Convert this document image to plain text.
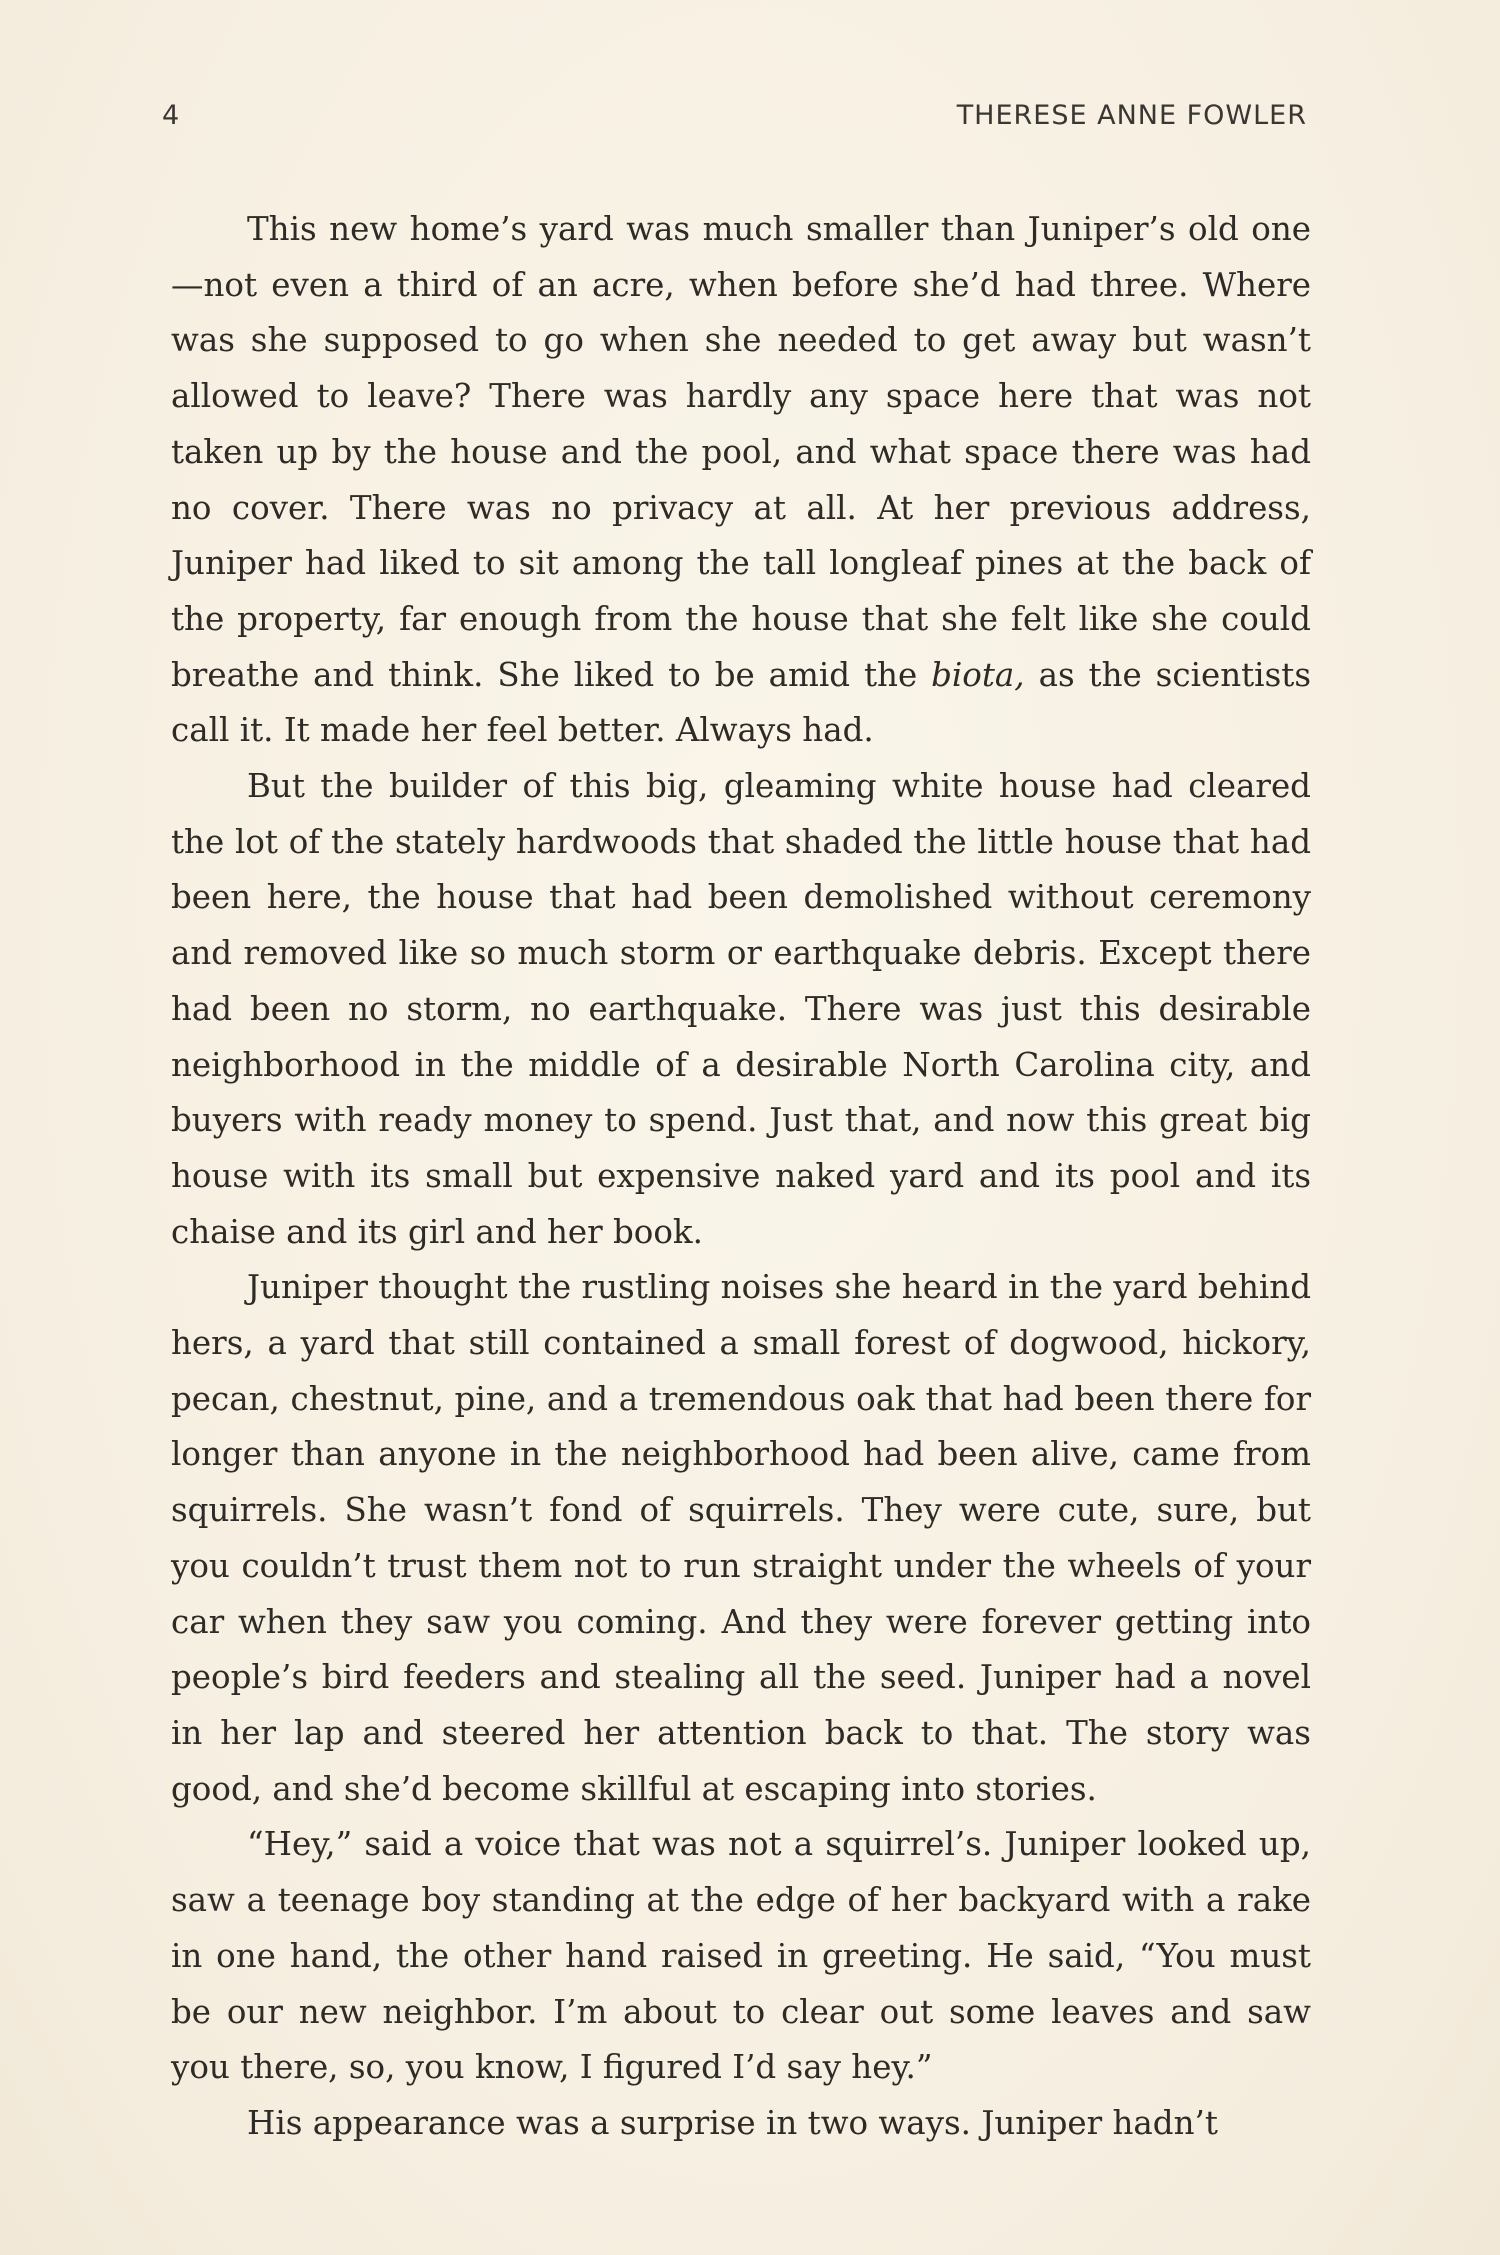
4	THERESE ANNE FOWLER

This new home’s yard was much smaller than Juniper’s old one—not even a third of an acre, when before she’d had three. Where was she supposed to go when she needed to get away but wasn’t allowed to leave? There was hardly any space here that was not taken up by the house and the pool, and what space there was had no cover. There was no privacy at all. At her previous address, Juniper had liked to sit among the tall longleaf pines at the back of the property, far enough from the house that she felt like she could breathe and think. She liked to be amid the biota, as the scientists call it. It made her feel better. Always had.

But the builder of this big, gleaming white house had cleared the lot of the stately hardwoods that shaded the little house that had been here, the house that had been demolished without ceremony and removed like so much storm or earthquake debris. Except there had been no storm, no earthquake. There was just this desirable neighborhood in the middle of a desirable North Carolina city, and buyers with ready money to spend. Just that, and now this great big house with its small but expensive naked yard and its pool and its chaise and its girl and her book.

Juniper thought the rustling noises she heard in the yard behind hers, a yard that still contained a small forest of dogwood, hickory, pecan, chestnut, pine, and a tremendous oak that had been there for longer than anyone in the neighborhood had been alive, came from squirrels. She wasn’t fond of squirrels. They were cute, sure, but you couldn’t trust them not to run straight under the wheels of your car when they saw you coming. And they were forever getting into people’s bird feeders and stealing all the seed. Juniper had a novel in her lap and steered her attention back to that. The story was good, and she’d become skillful at escaping into stories.

“Hey,” said a voice that was not a squirrel’s. Juniper looked up, saw a teenage boy standing at the edge of her backyard with a rake in one hand, the other hand raised in greeting. He said, “You must be our new neighbor. I’m about to clear out some leaves and saw you there, so, you know, I figured I’d say hey.”

His appearance was a surprise in two ways. Juniper hadn’t
